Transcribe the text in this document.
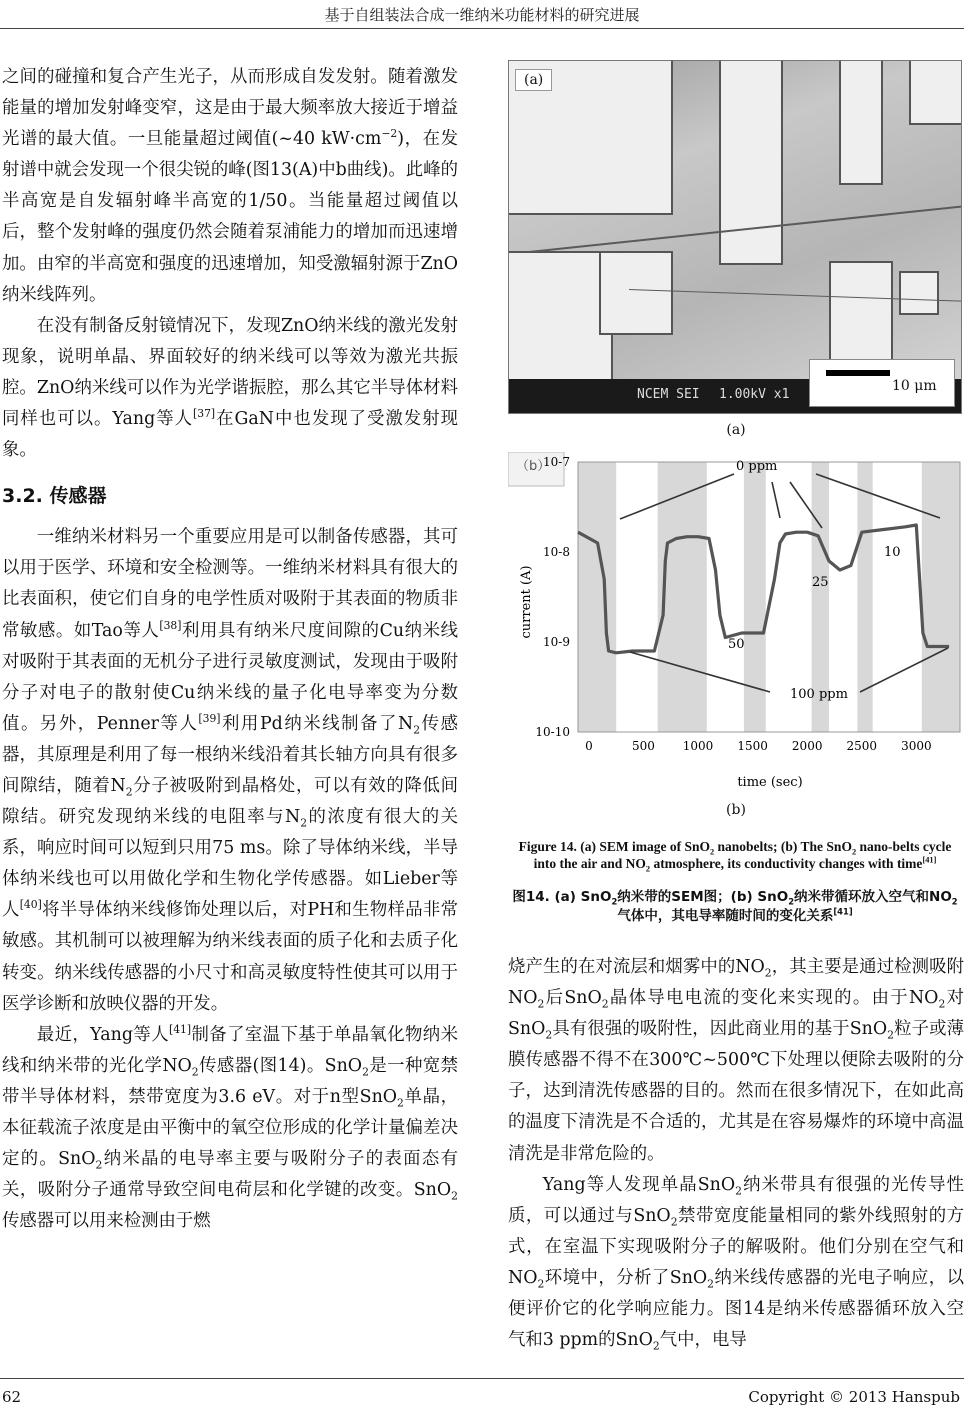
基于自组装法合成一维纳米功能材料的研究进展

之间的碰撞和复合产生光子，从而形成自发发射。随着激发能量的增加发射峰变窄，这是由于最大频率放大接近于增益光谱的最大值。一旦能量超过阈值(~40 $kW\cdot cm^{-2}$)，在发射谱中就会发现一个很尖锐的峰(图13(A)中b曲线)。此峰的半高宽是自发辐射峰半高宽的1/50。当能量超过阈值以后，整个发射峰的强度仍然会随着泵浦能力的增加而迅速增加。由窄的半高宽和强度的迅速增加，知受激辐射源于ZnO纳米线阵列。

在没有制备反射镜情况下，发现ZnO纳米线的激光发射现象，说明单晶、界面较好的纳米线可以等效为激光共振腔。ZnO纳米线可以作为光学谐振腔，那么其它半导体材料同样也可以。Yang等人[37]在GaN中也发现了受激发射现象。

3.2. 传感器

一维纳米材料另一个重要应用是可以制备传感器，其可以用于医学、环境和安全检测等。一维纳米材料具有很大的比表面积，使它们自身的电学性质对吸附于其表面的物质非常敏感。如Tao等人[38]利用具有纳米尺度间隙的Cu纳米线对吸附于其表面的无机分子进行灵敏度测试，发现由于吸附分子对电子的散射使Cu纳米线的量子化电导率变为分数值。另外，Penner等人[39]利用Pd纳米线制备了$N_2$传感器，其原理是利用了每一根纳米线沿着其长轴方向具有很多间隙结，随着$N_2$分子被吸附到晶格处，可以有效的降低间隙结。研究发现纳米线的电阻率与$N_2$的浓度有很大的关系，响应时间可以短到只用75 ms。除了导体纳米线，半导体纳米线也可以用做化学和生物化学传感器。如Lieber等人[40]将半导体纳米线修饰处理以后，对PH和生物样品非常敏感。其机制可以被理解为纳米线表面的质子化和去质子化转变。纳米线传感器的小尺寸和高灵敏度特性使其可以用于医学诊断和放映仪器的开发。

最近，Yang等人[41]制备了室温下基于单晶氧化物纳米线和纳米带的光化学$NO_2$传感器(图14)。SnO$_2$是一种宽禁带半导体材料，禁带宽度为3.6 eV。对于n型SnO$_2$单晶，本征载流子浓度是由平衡中的氧空位形成的化学计量偏差决定的。SnO$_2$纳米晶的电导率主要与吸附分子的表面态有关，吸附分子通常导致空间电荷层和化学键的改变。SnO$_2$传感器可以用来检测由于燃

(a)
NCEM SEI 1.00kV x1
10 μm
(a)
（b）
10-7
10-8
10-9
10-10
0	500 1000 1500 2000 2500 3000
0 ppm
10
25
50
100 ppm
current (A)
time (sec)
(b)
Figure 14. (a) SEM image of SnO$_2$ nanobelts; (b) The SnO$_2$ nano-belts cycle into the air and $NO_2$ atmosphere, its conductivity changes with time[41]
图14. (a) SnO$_2$纳米带的SEM图；(b) SnO$_2$纳米带循环放入空气和$NO_2$气体中，其电导率随时间的变化关系[41]

烧产生的在对流层和烟雾中的$NO_2$，其主要是通过检测吸附$NO_2$后SnO$_2$晶体导电电流的变化来实现的。由于$NO_2$对SnO$_2$具有很强的吸附性，因此商业用的基于SnO$_2$粒子或薄膜传感器不得不在300℃~500℃下处理以便除去吸附的分子，达到清洗传感器的目的。然而在很多情况下，在如此高的温度下清洗是不合适的，尤其是在容易爆炸的环境中高温清洗是非常危险的。

Yang等人发现单晶SnO$_2$纳米带具有很强的光传导性质，可以通过与SnO$_2$禁带宽度能量相同的紫外线照射的方式，在室温下实现吸附分子的解吸附。他们分别在空气和$NO_2$环境中，分析了SnO$_2$纳米线传感器的光电子响应，以便评价它的化学响应能力。图14是纳米传感器循环放入空气和3 ppm的SnO$_2$气中，电导

62	Copyright © 2013 Hanspub
